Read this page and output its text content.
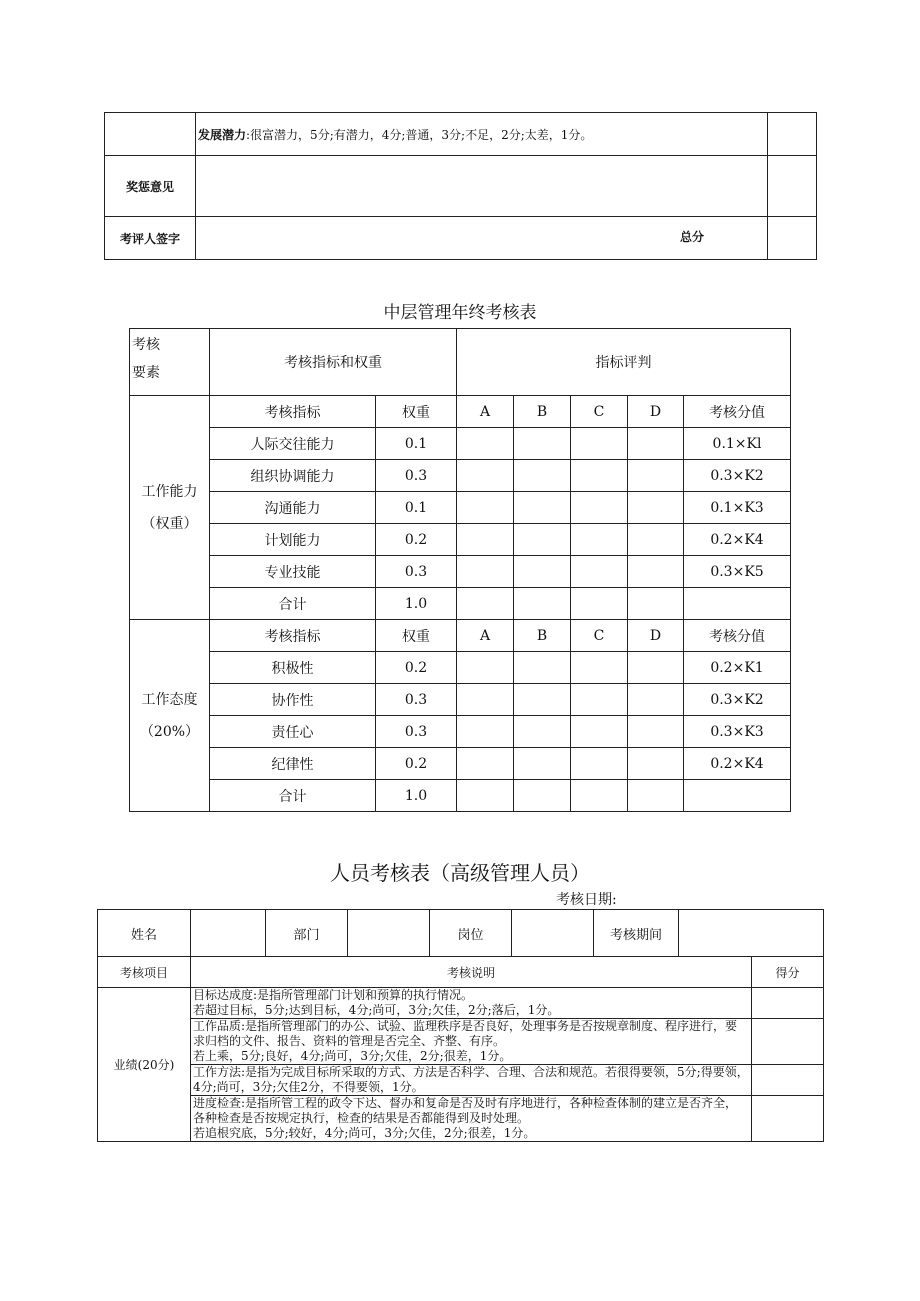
	发展潜力:很富潜力，5分;有潜力，4分;普通，3分;不足，2分;太差，1分。	
奖惩意见		
考评人签字	总分	

中层管理年终考核表
考核要素	考核指标和权重		指标评判				
工作能力（权重）	考核指标	权重	A	B	C	D	考核分值
	人际交往能力	0.1					0.1×Kl
	组织协调能力	0.3					0.3×K2
	沟通能力	0.1					0.1×K3
	计划能力	0.2					0.2×K4
	专业技能	0.3					0.3×K5
	合计	1.0					
工作态度（20%）	考核指标	权重	A	B	C	D	考核分值
	积极性	0.2					0.2×K1
	协作性	0.3					0.3×K2
	责任心	0.3					0.3×K3
	纪律性	0.2					0.2×K4
	合计	1.0					
人员考核表（高级管理人员）
考核日期:
姓名		部门		岗位		考核期间		
考核项目	考核说明							得分
业绩(20分)	目标达成度:是指所管理部门计划和预算的执行情况。
若超过目标，5分;达到目标，4分;尚可，3分;欠佳，2分;落后，1分。							

	工作品质:是指所管理部门的办公、试验、监理秩序是否良好，处理事务是否按规章制度、程序进行，要求归档的文件、报告、资料的管理是否完全、齐整、有序。
若上乘，5分;良好，4分;尚可，3分;欠佳，2分;很差，1分。							

	工作方法:是指为完成目标所采取的方式、方法是否科学、合理、合法和规范。若很得要领，5分;得要领，4分;尚可，3分;欠佳2分，不得要领，1分。							

	进度检查:是指所管工程的政令下达、督办和复命是否及时有序地进行，各种检查体制的建立是否齐全，各种检查是否按规定执行，检查的结果是否都能得到及时处理。
若追根究底，5分;较好，4分;尚可，3分;欠佳，2分;很差，1分。							
